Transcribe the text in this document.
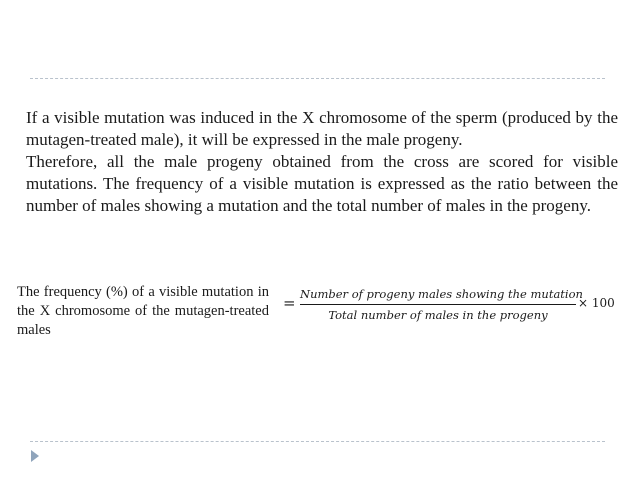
If a visible mutation was induced in the X chromosome of the sperm (produced by the mutagen-treated male), it will be expressed in the male progeny.

Therefore, all the male progeny obtained from the cross are scored for visible mutations. The frequency of a visible mutation is expressed as the ratio between the number of males showing a mutation and the total number of males in the progeny.

The frequency (%) of a visible mutation in the X chromosome of the mutagen-treated males
= Number of progeny males showing the mutation
Total number of males in the progeny
× 100
